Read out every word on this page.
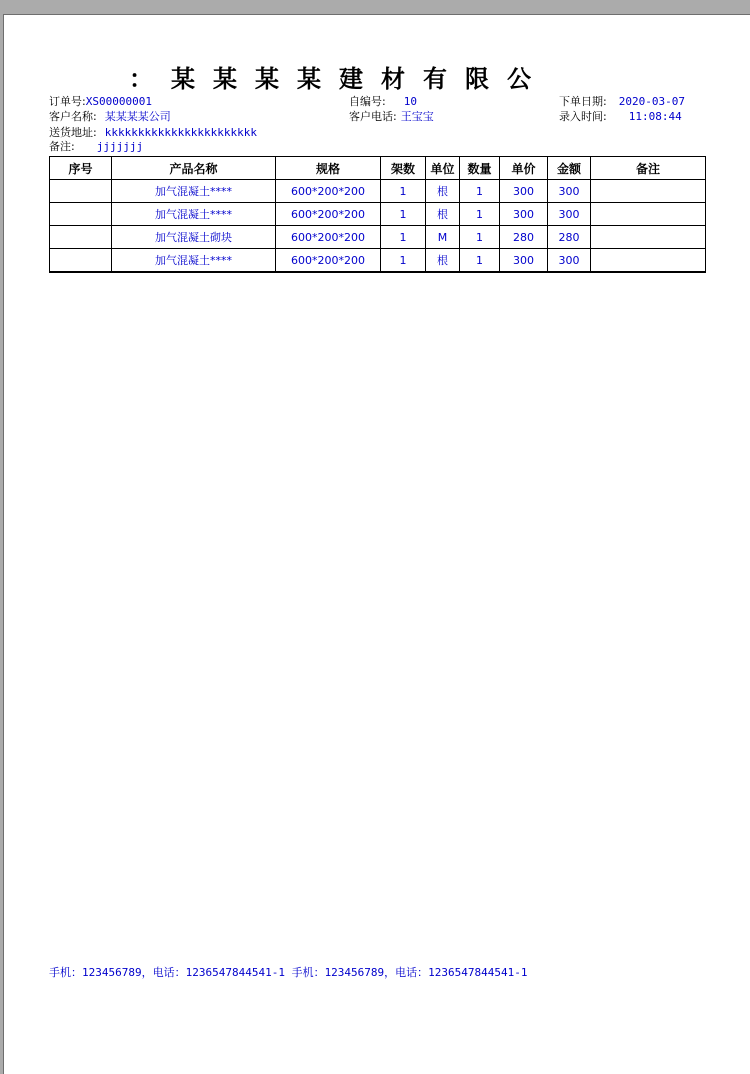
：某某某某建材有限公
订单号:XS00000001	自编号: 10	下单日期: 2020-03-07
客户名称: 某某某某公司	客户电话: 王宝宝	录入时间: 11:08:44
送货地址: kkkkkkkkkkkkkkkkkkkkkkk
备注: jjjjjjj
序号	产品名称	规格	架数	单位	数量	单价	金额	备注
	加气混凝土****	600*200*200	1	根	1	300	300	
	加气混凝土****	600*200*200	1	根	1	300	300	
	加气混凝土砌块	600*200*200	1	M	1	280	280	
	加气混凝土****	600*200*200	1	根	1	300	300	
手机：123456789，电话：1236547844541-1 手机：123456789，电话：1236547844541-1
